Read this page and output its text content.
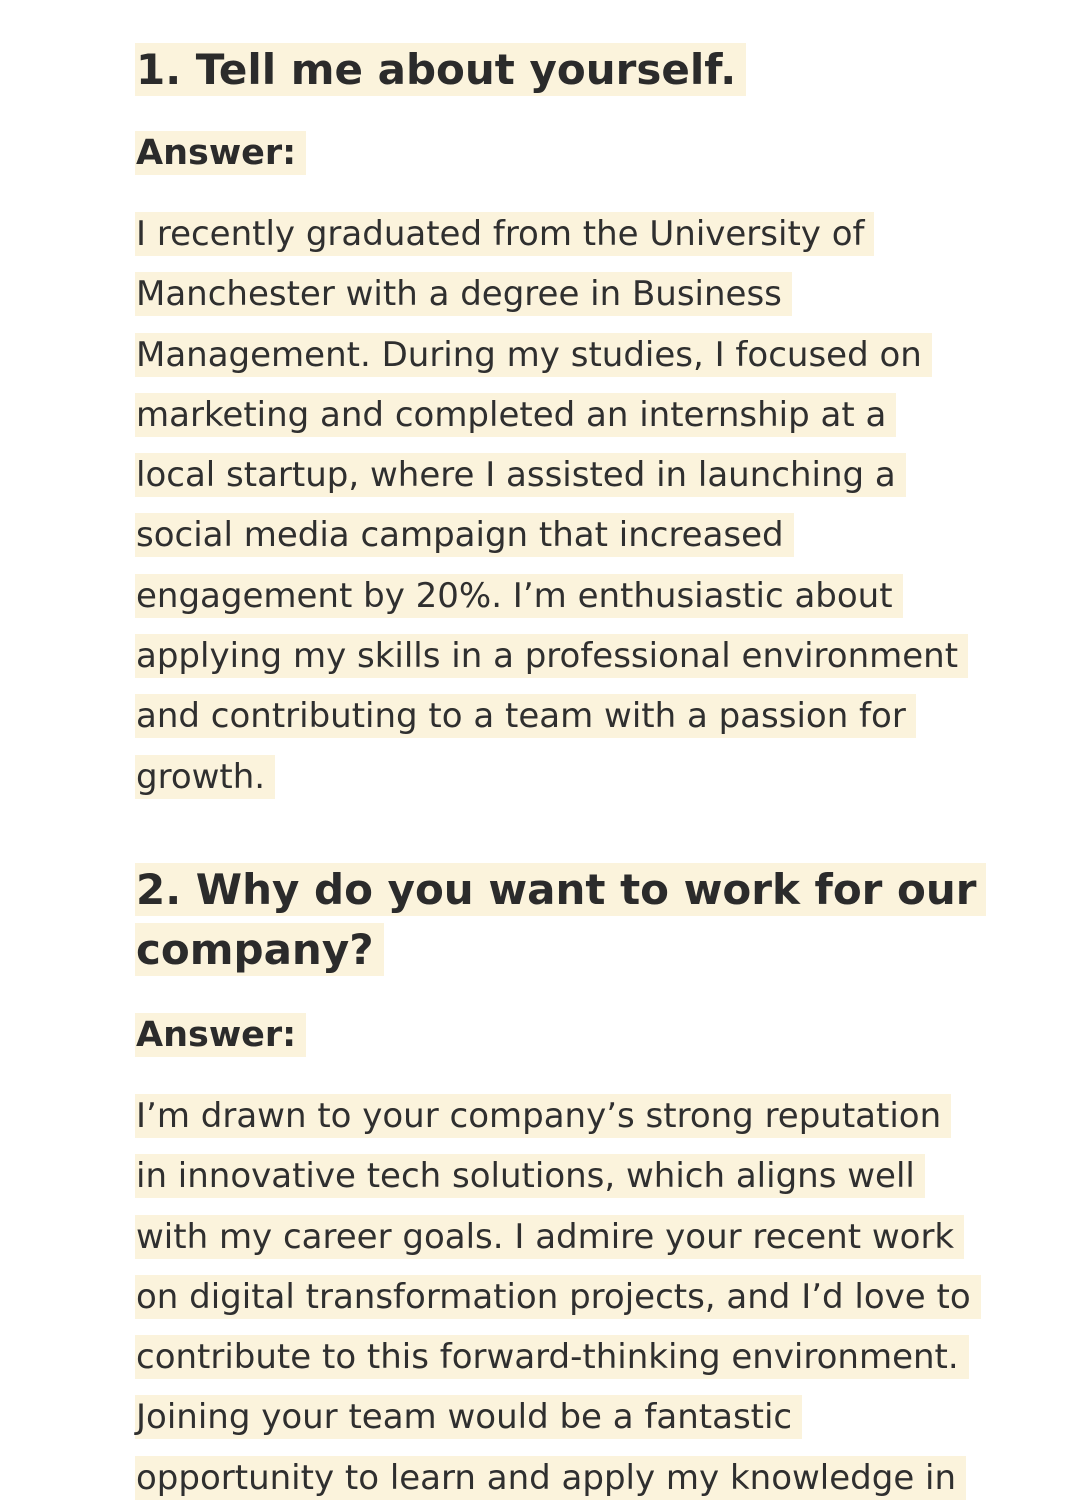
1. Tell me about yourself.

Answer:

I recently graduated from the University of
Manchester with a degree in Business
Management. During my studies, I focused on
marketing and completed an internship at a
local startup, where I assisted in launching a
social media campaign that increased
engagement by 20%. I’m enthusiastic about
applying my skills in a professional environment
and contributing to a team with a passion for
growth.

2. Why do you want to work for our
company?

Answer:

I’m drawn to your company’s strong reputation
in innovative tech solutions, which aligns well
with my career goals. I admire your recent work
on digital transformation projects, and I’d love to
contribute to this forward-thinking environment.
Joining your team would be a fantastic
opportunity to learn and apply my knowledge in
